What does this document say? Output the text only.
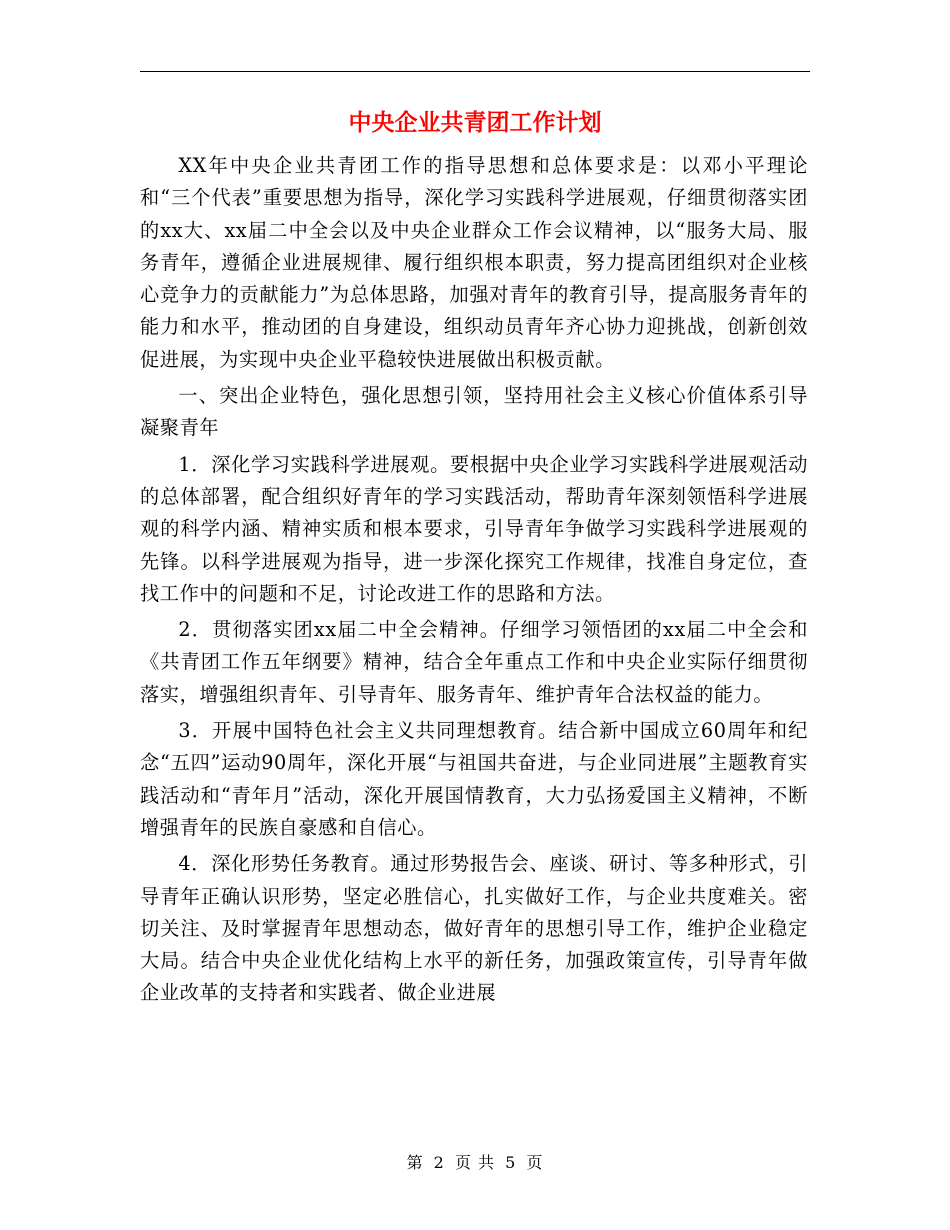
中央企业共青团工作计划

XX年中央企业共青团工作的指导思想和总体要求是：以邓小平理论和“三个代表”重要思想为指导，深化学习实践科学进展观，仔细贯彻落实团的xx大、xx届二中全会以及中央企业群众工作会议精神，以“服务大局、服务青年，遵循企业进展规律、履行组织根本职责，努力提高团组织对企业核心竞争力的贡献能力”为总体思路，加强对青年的教育引导，提高服务青年的能力和水平，推动团的自身建设，组织动员青年齐心协力迎挑战，创新创效促进展，为实现中央企业平稳较快进展做出积极贡献。

一、突出企业特色，强化思想引领，坚持用社会主义核心价值体系引导凝聚青年

1．深化学习实践科学进展观。要根据中央企业学习实践科学进展观活动的总体部署，配合组织好青年的学习实践活动，帮助青年深刻领悟科学进展观的科学内涵、精神实质和根本要求，引导青年争做学习实践科学进展观的先锋。以科学进展观为指导，进一步深化探究工作规律，找准自身定位，查找工作中的问题和不足，讨论改进工作的思路和方法。

2．贯彻落实团xx届二中全会精神。仔细学习领悟团的xx届二中全会和《共青团工作五年纲要》精神，结合全年重点工作和中央企业实际仔细贯彻落实，增强组织青年、引导青年、服务青年、维护青年合法权益的能力。

3．开展中国特色社会主义共同理想教育。结合新中国成立60周年和纪念“五四”运动90周年，深化开展“与祖国共奋进，与企业同进展”主题教育实践活动和“青年月”活动，深化开展国情教育，大力弘扬爱国主义精神，不断增强青年的民族自豪感和自信心。

4．深化形势任务教育。通过形势报告会、座谈、研讨、等多种形式，引导青年正确认识形势，坚定必胜信心，扎实做好工作，与企业共度难关。密切关注、及时掌握青年思想动态，做好青年的思想引导工作，维护企业稳定大局。结合中央企业优化结构上水平的新任务，加强政策宣传，引导青年做企业改革的支持者和实践者、做企业进展

第 2 页 共 5 页
